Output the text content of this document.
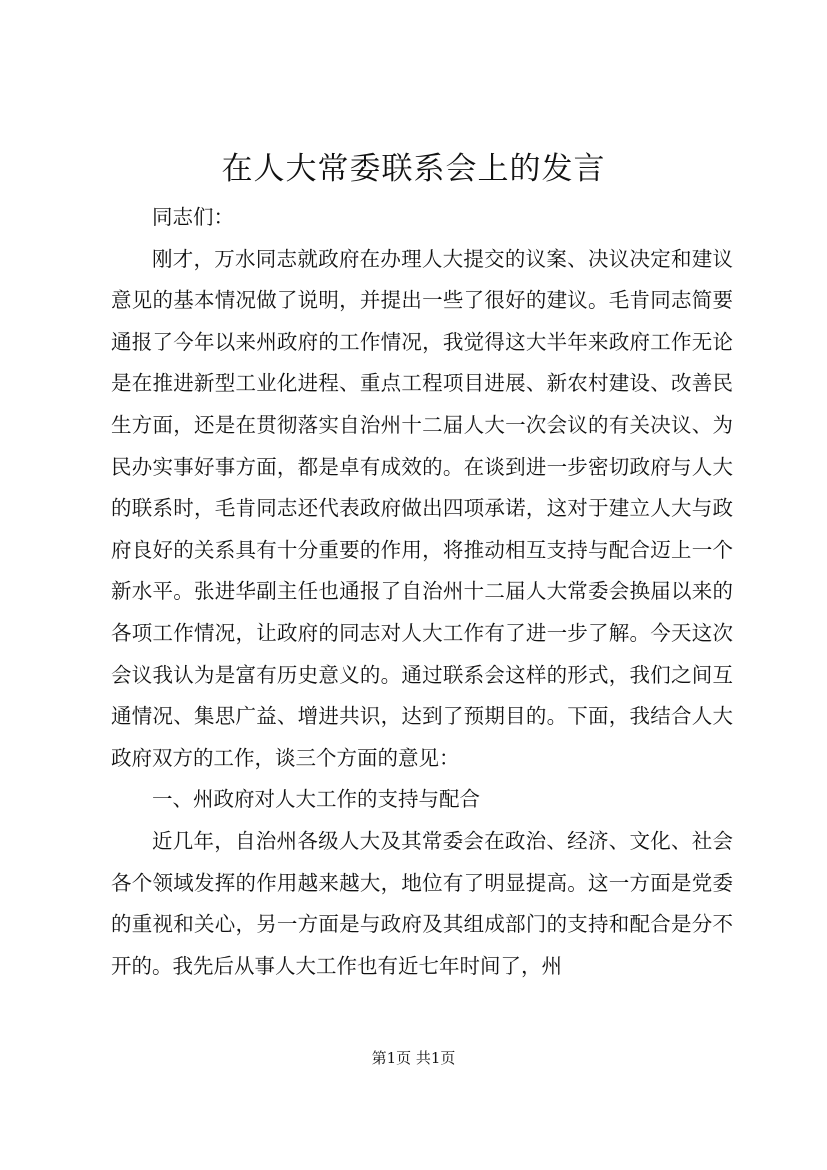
在人大常委联系会上的发言

同志们：

刚才，万水同志就政府在办理人大提交的议案、决议决定和建议意见的基本情况做了说明，并提出一些了很好的建议。毛肯同志简要通报了今年以来州政府的工作情况，我觉得这大半年来政府工作无论是在推进新型工业化进程、重点工程项目进展、新农村建设、改善民生方面，还是在贯彻落实自治州十二届人大一次会议的有关决议、为民办实事好事方面，都是卓有成效的。在谈到进一步密切政府与人大的联系时，毛肯同志还代表政府做出四项承诺，这对于建立人大与政府良好的关系具有十分重要的作用，将推动相互支持与配合迈上一个新水平。张进华副主任也通报了自治州十二届人大常委会换届以来的各项工作情况，让政府的同志对人大工作有了进一步了解。今天这次会议我认为是富有历史意义的。通过联系会这样的形式，我们之间互通情况、集思广益、增进共识，达到了预期目的。下面，我结合人大政府双方的工作，谈三个方面的意见：

一、州政府对人大工作的支持与配合

近几年，自治州各级人大及其常委会在政治、经济、文化、社会各个领域发挥的作用越来越大，地位有了明显提高。这一方面是党委的重视和关心，另一方面是与政府及其组成部门的支持和配合是分不开的。我先后从事人大工作也有近七年时间了，州

第1页 共1页
